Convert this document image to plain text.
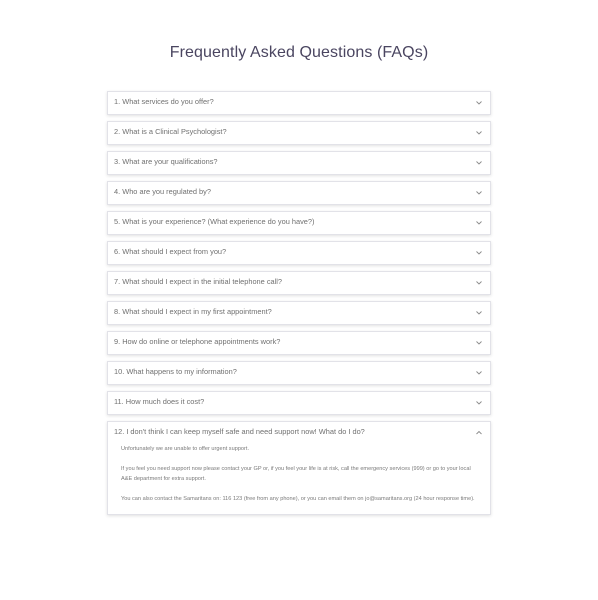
Frequently Asked Questions (FAQs)
1. What services do you offer?
2. What is a Clinical Psychologist?
3. What are your qualifications?
4. Who are you regulated by?
5. What is your experience? (What experience do you have?)
6. What should I expect from you?
7. What should I expect in the initial telephone call?
8. What should I expect in my first appointment?
9. How do online or telephone appointments work?
10. What happens to my information?
11. How much does it cost?
12. I don't think I can keep myself safe and need support now! What do I do?

Unfortunately we are unable to offer urgent support.

If you feel you need support now please contact your GP or, if you feel your life is at risk, call the emergency services (999) or go to your local A&E department for extra support.

You can also contact the Samaritans on: 116 123 (free from any phone), or you can email them on jo@samaritans.org (24 hour response time).
